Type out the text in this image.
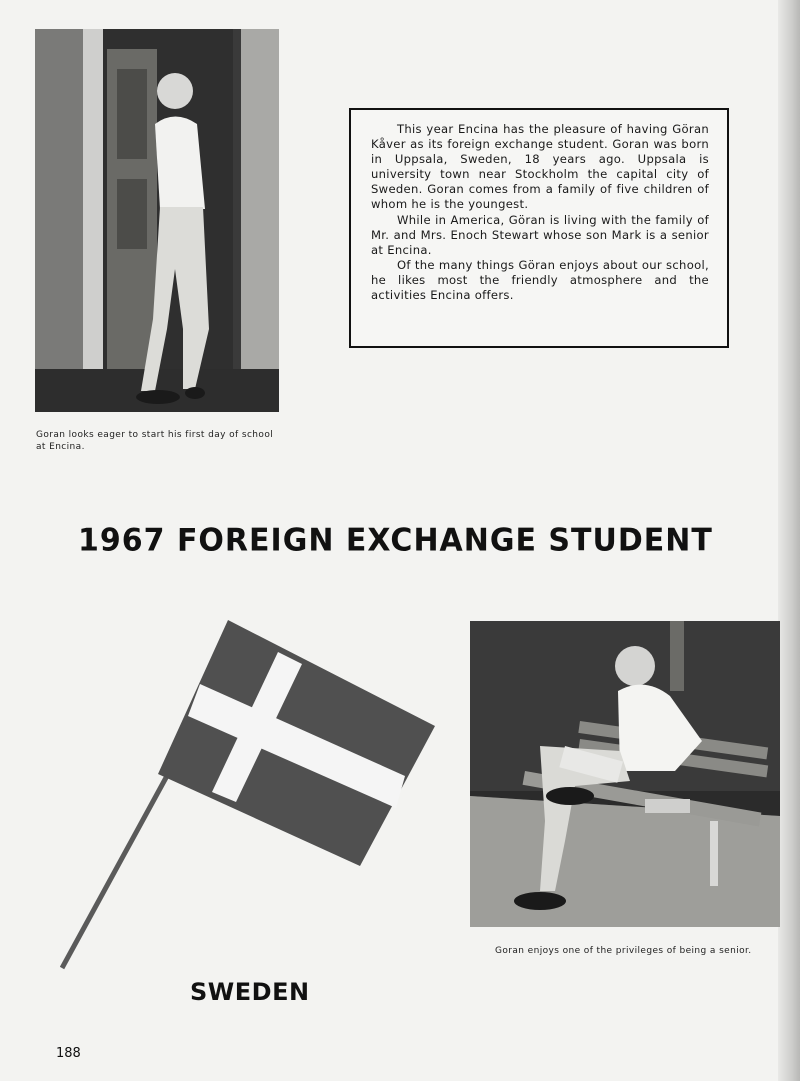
Goran looks eager to start his first day of school at Encina.

This year Encina has the pleasure of having Göran Kåver as its foreign exchange student. Goran was born in Uppsala, Sweden, 18 years ago. Uppsala is university town near Stockholm the capital city of Sweden. Goran comes from a family of five children of whom he is the youngest.

While in America, Göran is living with the family of Mr. and Mrs. Enoch Stewart whose son Mark is a senior at Encina.

Of the many things Göran enjoys about our school, he likes most the friendly atmosphere and the activities Encina offers.

1967 FOREIGN EXCHANGE STUDENT
SWEDEN
Goran enjoys one of the privileges of being a senior.
188
